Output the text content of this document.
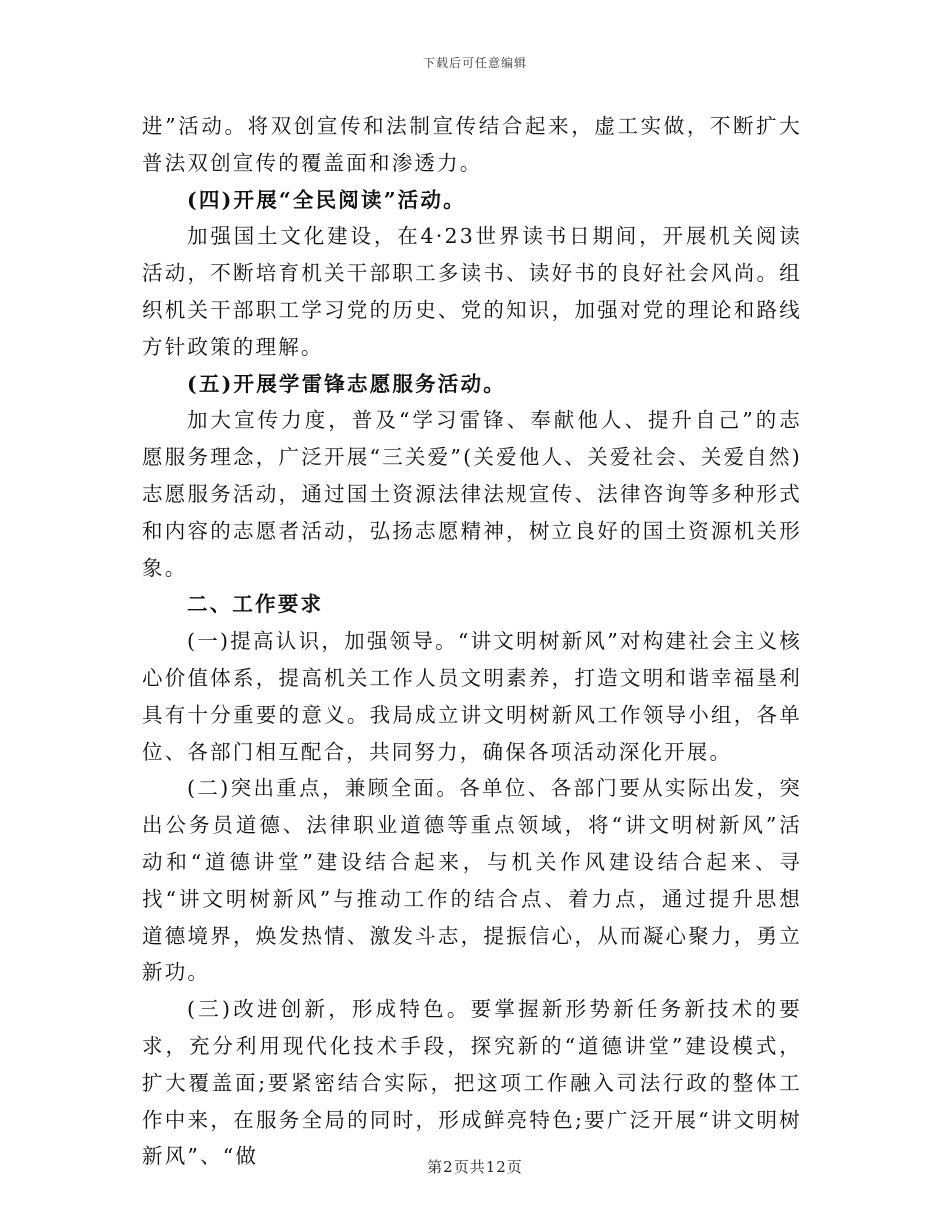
下载后可任意编辑

进”活动。将双创宣传和法制宣传结合起来，虚工实做，不断扩大普法双创宣传的覆盖面和渗透力。

(四)开展“全民阅读”活动。

加强国土文化建设，在4·23世界读书日期间，开展机关阅读活动，不断培育机关干部职工多读书、读好书的良好社会风尚。组织机关干部职工学习党的历史、党的知识，加强对党的理论和路线方针政策的理解。

(五)开展学雷锋志愿服务活动。

加大宣传力度，普及“学习雷锋、奉献他人、提升自己”的志愿服务理念，广泛开展“三关爱”(关爱他人、关爱社会、关爱自然)志愿服务活动，通过国土资源法律法规宣传、法律咨询等多种形式和内容的志愿者活动，弘扬志愿精神，树立良好的国土资源机关形象。

二、工作要求

(一)提高认识，加强领导。“讲文明树新风”对构建社会主义核心价值体系，提高机关工作人员文明素养，打造文明和谐幸福垦利具有十分重要的意义。我局成立讲文明树新风工作领导小组，各单位、各部门相互配合，共同努力，确保各项活动深化开展。

(二)突出重点，兼顾全面。各单位、各部门要从实际出发，突出公务员道德、法律职业道德等重点领域，将“讲文明树新风”活动和“道德讲堂”建设结合起来，与机关作风建设结合起来、寻找“讲文明树新风”与推动工作的结合点、着力点，通过提升思想道德境界，焕发热情、激发斗志，提振信心，从而凝心聚力，勇立新功。

(三)改进创新，形成特色。要掌握新形势新任务新技术的要求，充分利用现代化技术手段，探究新的“道德讲堂”建设模式，扩大覆盖面;要紧密结合实际，把这项工作融入司法行政的整体工作中来，在服务全局的同时，形成鲜亮特色;要广泛开展“讲文明树新风”、“做	第2页共12页
